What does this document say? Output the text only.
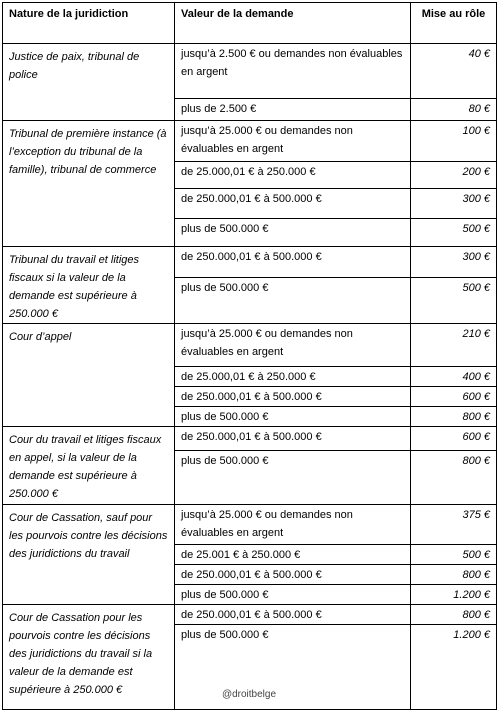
Nature de la juridiction	Valeur de la demande	Mise au rôle
Justice de paix, tribunal de police	jusqu’à 2.500 € ou demandes non évaluables en argent	40 €
	plus de 2.500 €	80 €
Tribunal de première instance (à l’exception du tribunal de la famille), tribunal de commerce	jusqu’à 25.000 € ou demandes non évaluables en argent	100 €
	de 25.000,01 € à 250.000 €	200 €
	de 250.000,01 € à 500.000 €	300 €
	plus de 500.000 €	500 €
Tribunal du travail et litiges fiscaux si la valeur de la demande est supérieure à 250.000 €	de 250.000,01 € à 500.000 €	300 €
	plus de 500.000 €	500 €
Cour d’appel	jusqu’à 25.000 € ou demandes non évaluables en argent	210 €
	de 25.000,01 € à 250.000 €	400 €
	de 250.000,01 € à 500.000 €	600 €
	plus de 500.000 €	800 €
Cour du travail et litiges fiscaux en appel, si la valeur de la demande est supérieure à 250.000 €	de 250.000,01 € à 500.000 €	600 €
	plus de 500.000 €	800 €
Cour de Cassation, sauf pour les pourvois contre les décisions des juridictions du travail	jusqu’à 25.000 € ou demandes non évaluables en argent	375 €
	de 25.001 € à 250.000 €	500 €
	de 250.000,01 € à 500.000 €	800 €
	plus de 500.000 €	1.200 €
Cour de Cassation pour les pourvois contre les décisions des juridictions du travail si la valeur de la demande est supérieure à 250.000 €	de 250.000,01 € à 500.000 €	800 €
	plus de 500.000 €	1.200 €
@droitbelge
